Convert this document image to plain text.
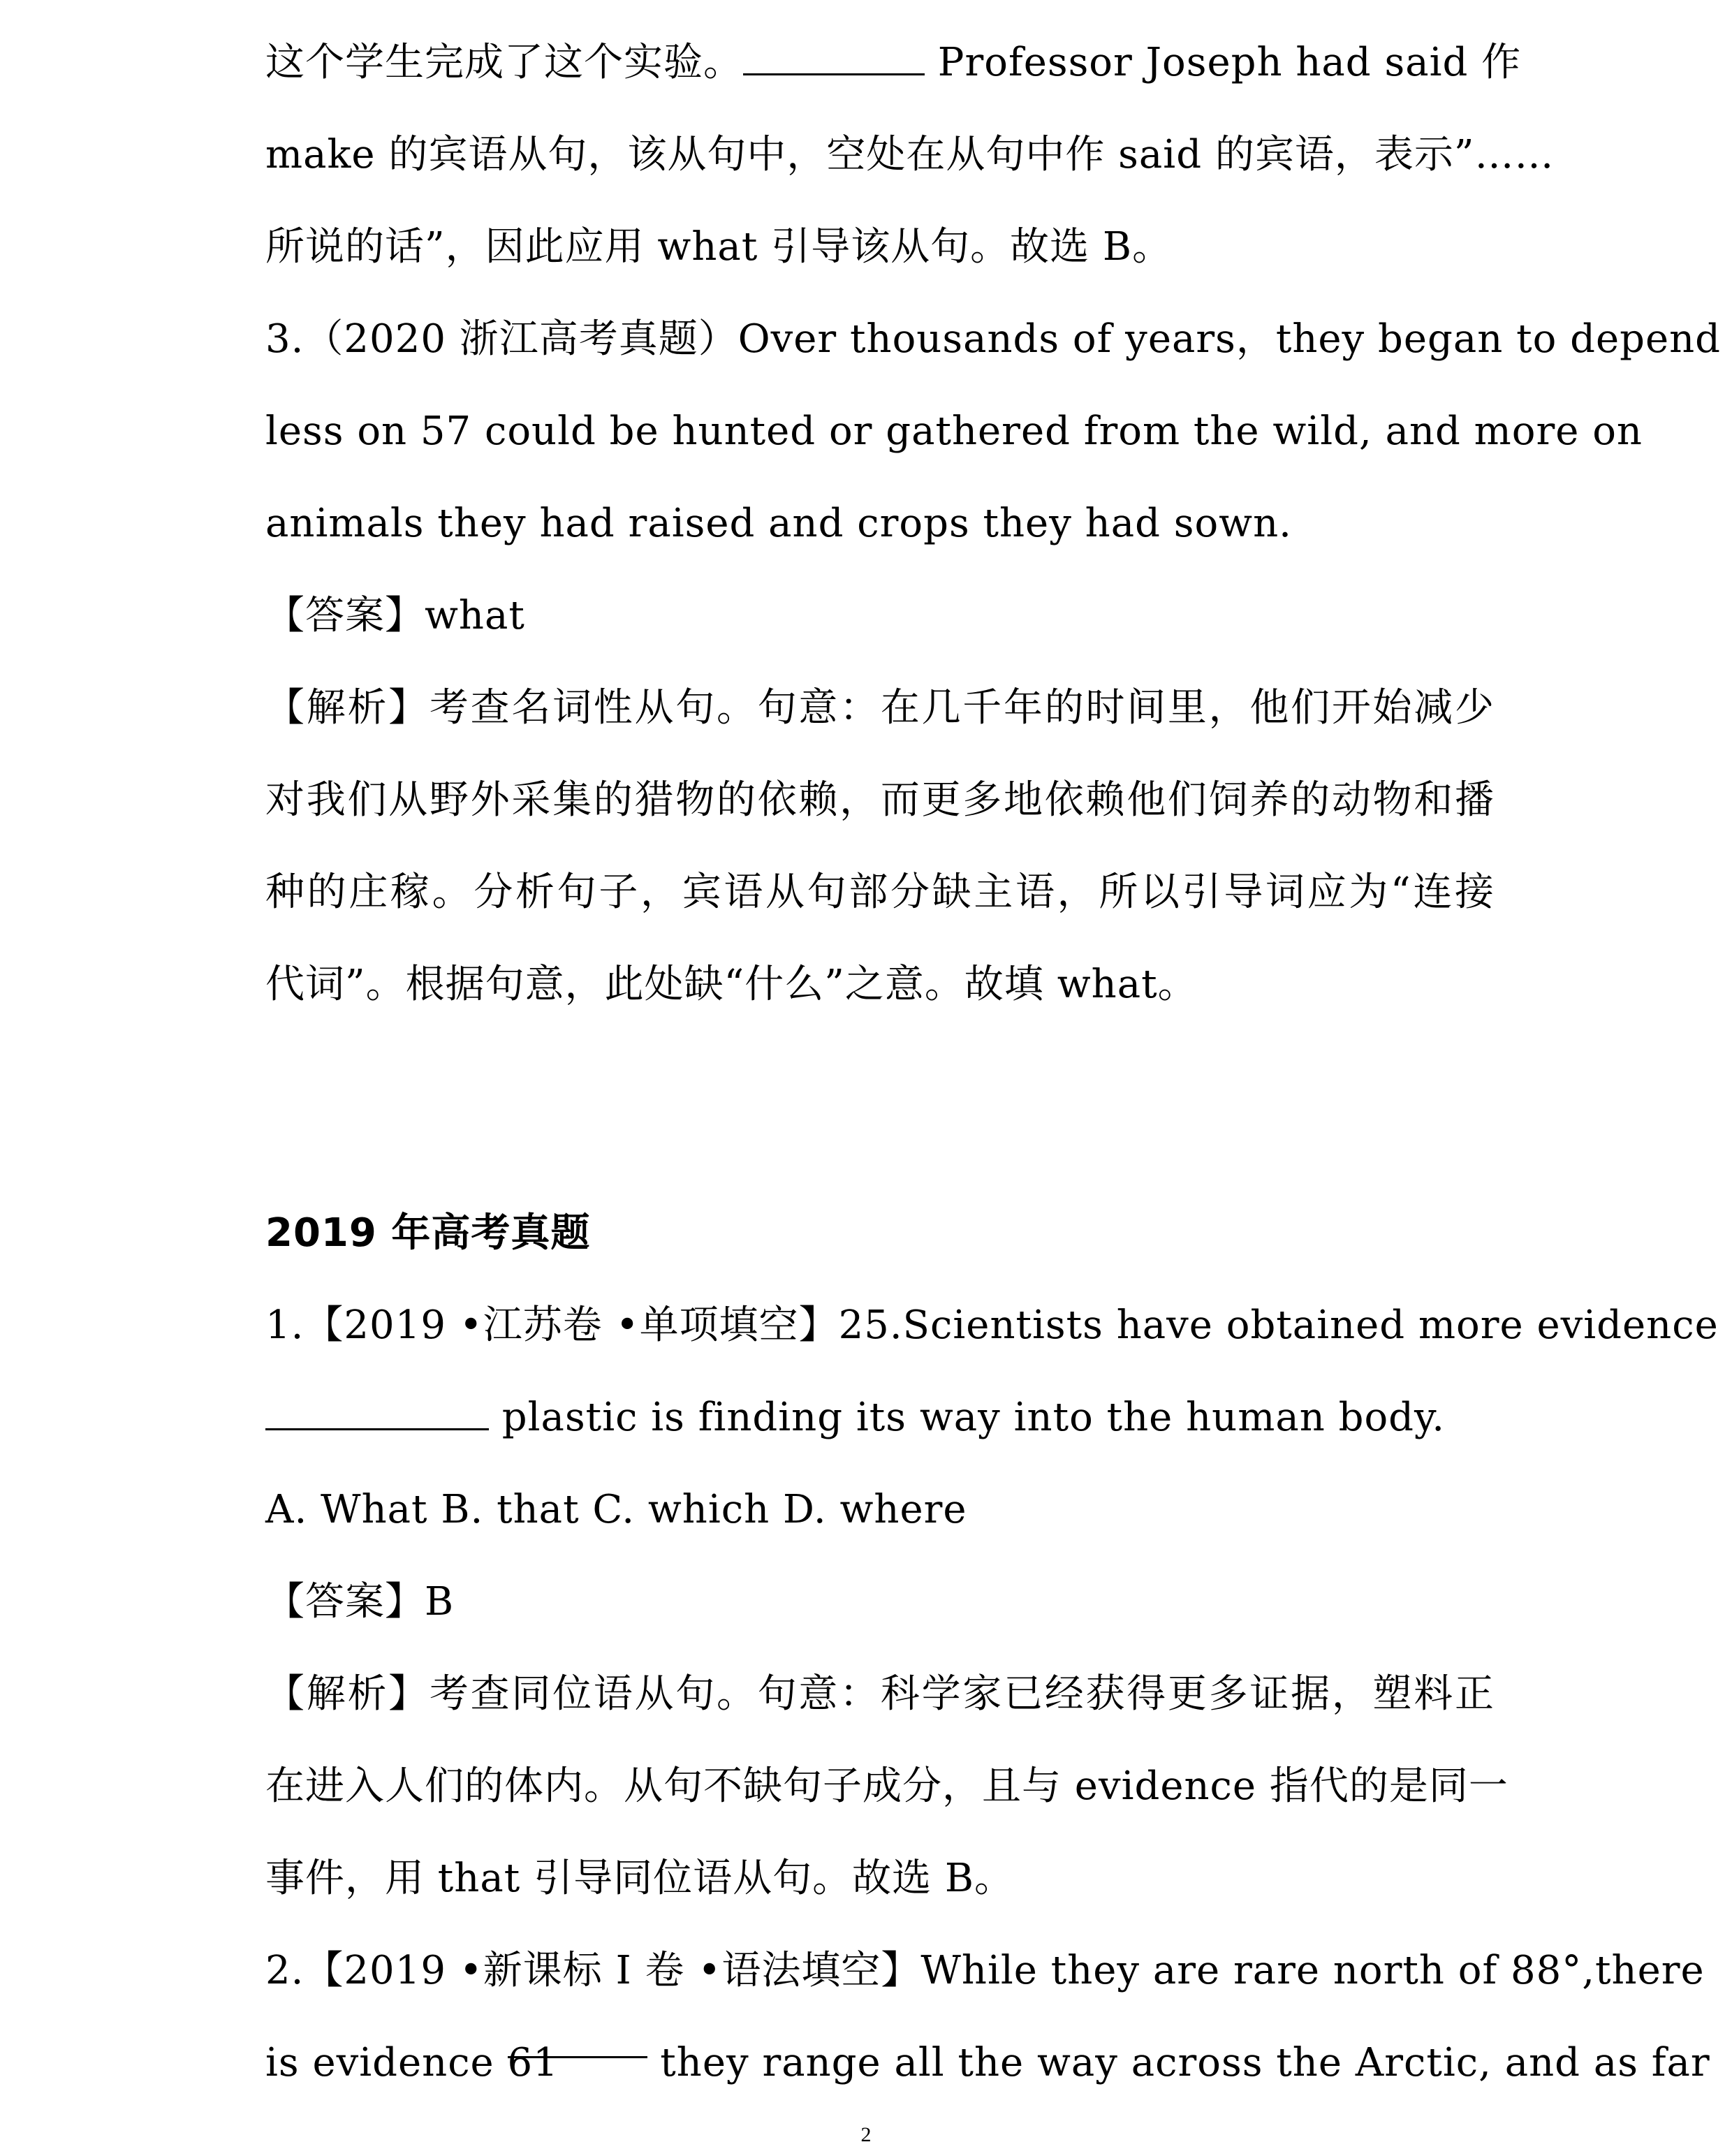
这个学生完成了这个实验。	Professor Joseph had said 作
make 的宾语从句，该从句中，空处在从句中作 said 的宾语，表示”……
所说的话”，因此应用 what 引导该从句。故选 B。
3.（2020 浙江高考真题）Over thousands of years，they began to depend
less on 57 could be hunted or gathered from the wild, and more on
animals they had raised and crops they had sown.
【答案】what
【解析】考查名词性从句。句意：在几千年的时间里，他们开始减少
对我们从野外采集的猎物的依赖，而更多地依赖他们饲养的动物和播
种的庄稼。分析句子，宾语从句部分缺主语，所以引导词应为“连接
代词”。根据句意，此处缺“什么”之意。故填 what。
2019 年高考真题
1.【2019 •江苏卷 •单项填空】25.Scientists have obtained more evidence
plastic is finding its way into the human body.
A. What B. that C. which D. where
【答案】B
【解析】考查同位语从句。句意：科学家已经获得更多证据，塑料正
在进入人们的体内。从句不缺句子成分，且与 evidence 指代的是同一
事件，用 that 引导同位语从句。故选 B。
2.【2019 •新课标 I 卷 •语法填空】While they are rare north of 88°,there
is evidence 61 they range all the way across the Arctic, and as far
2
